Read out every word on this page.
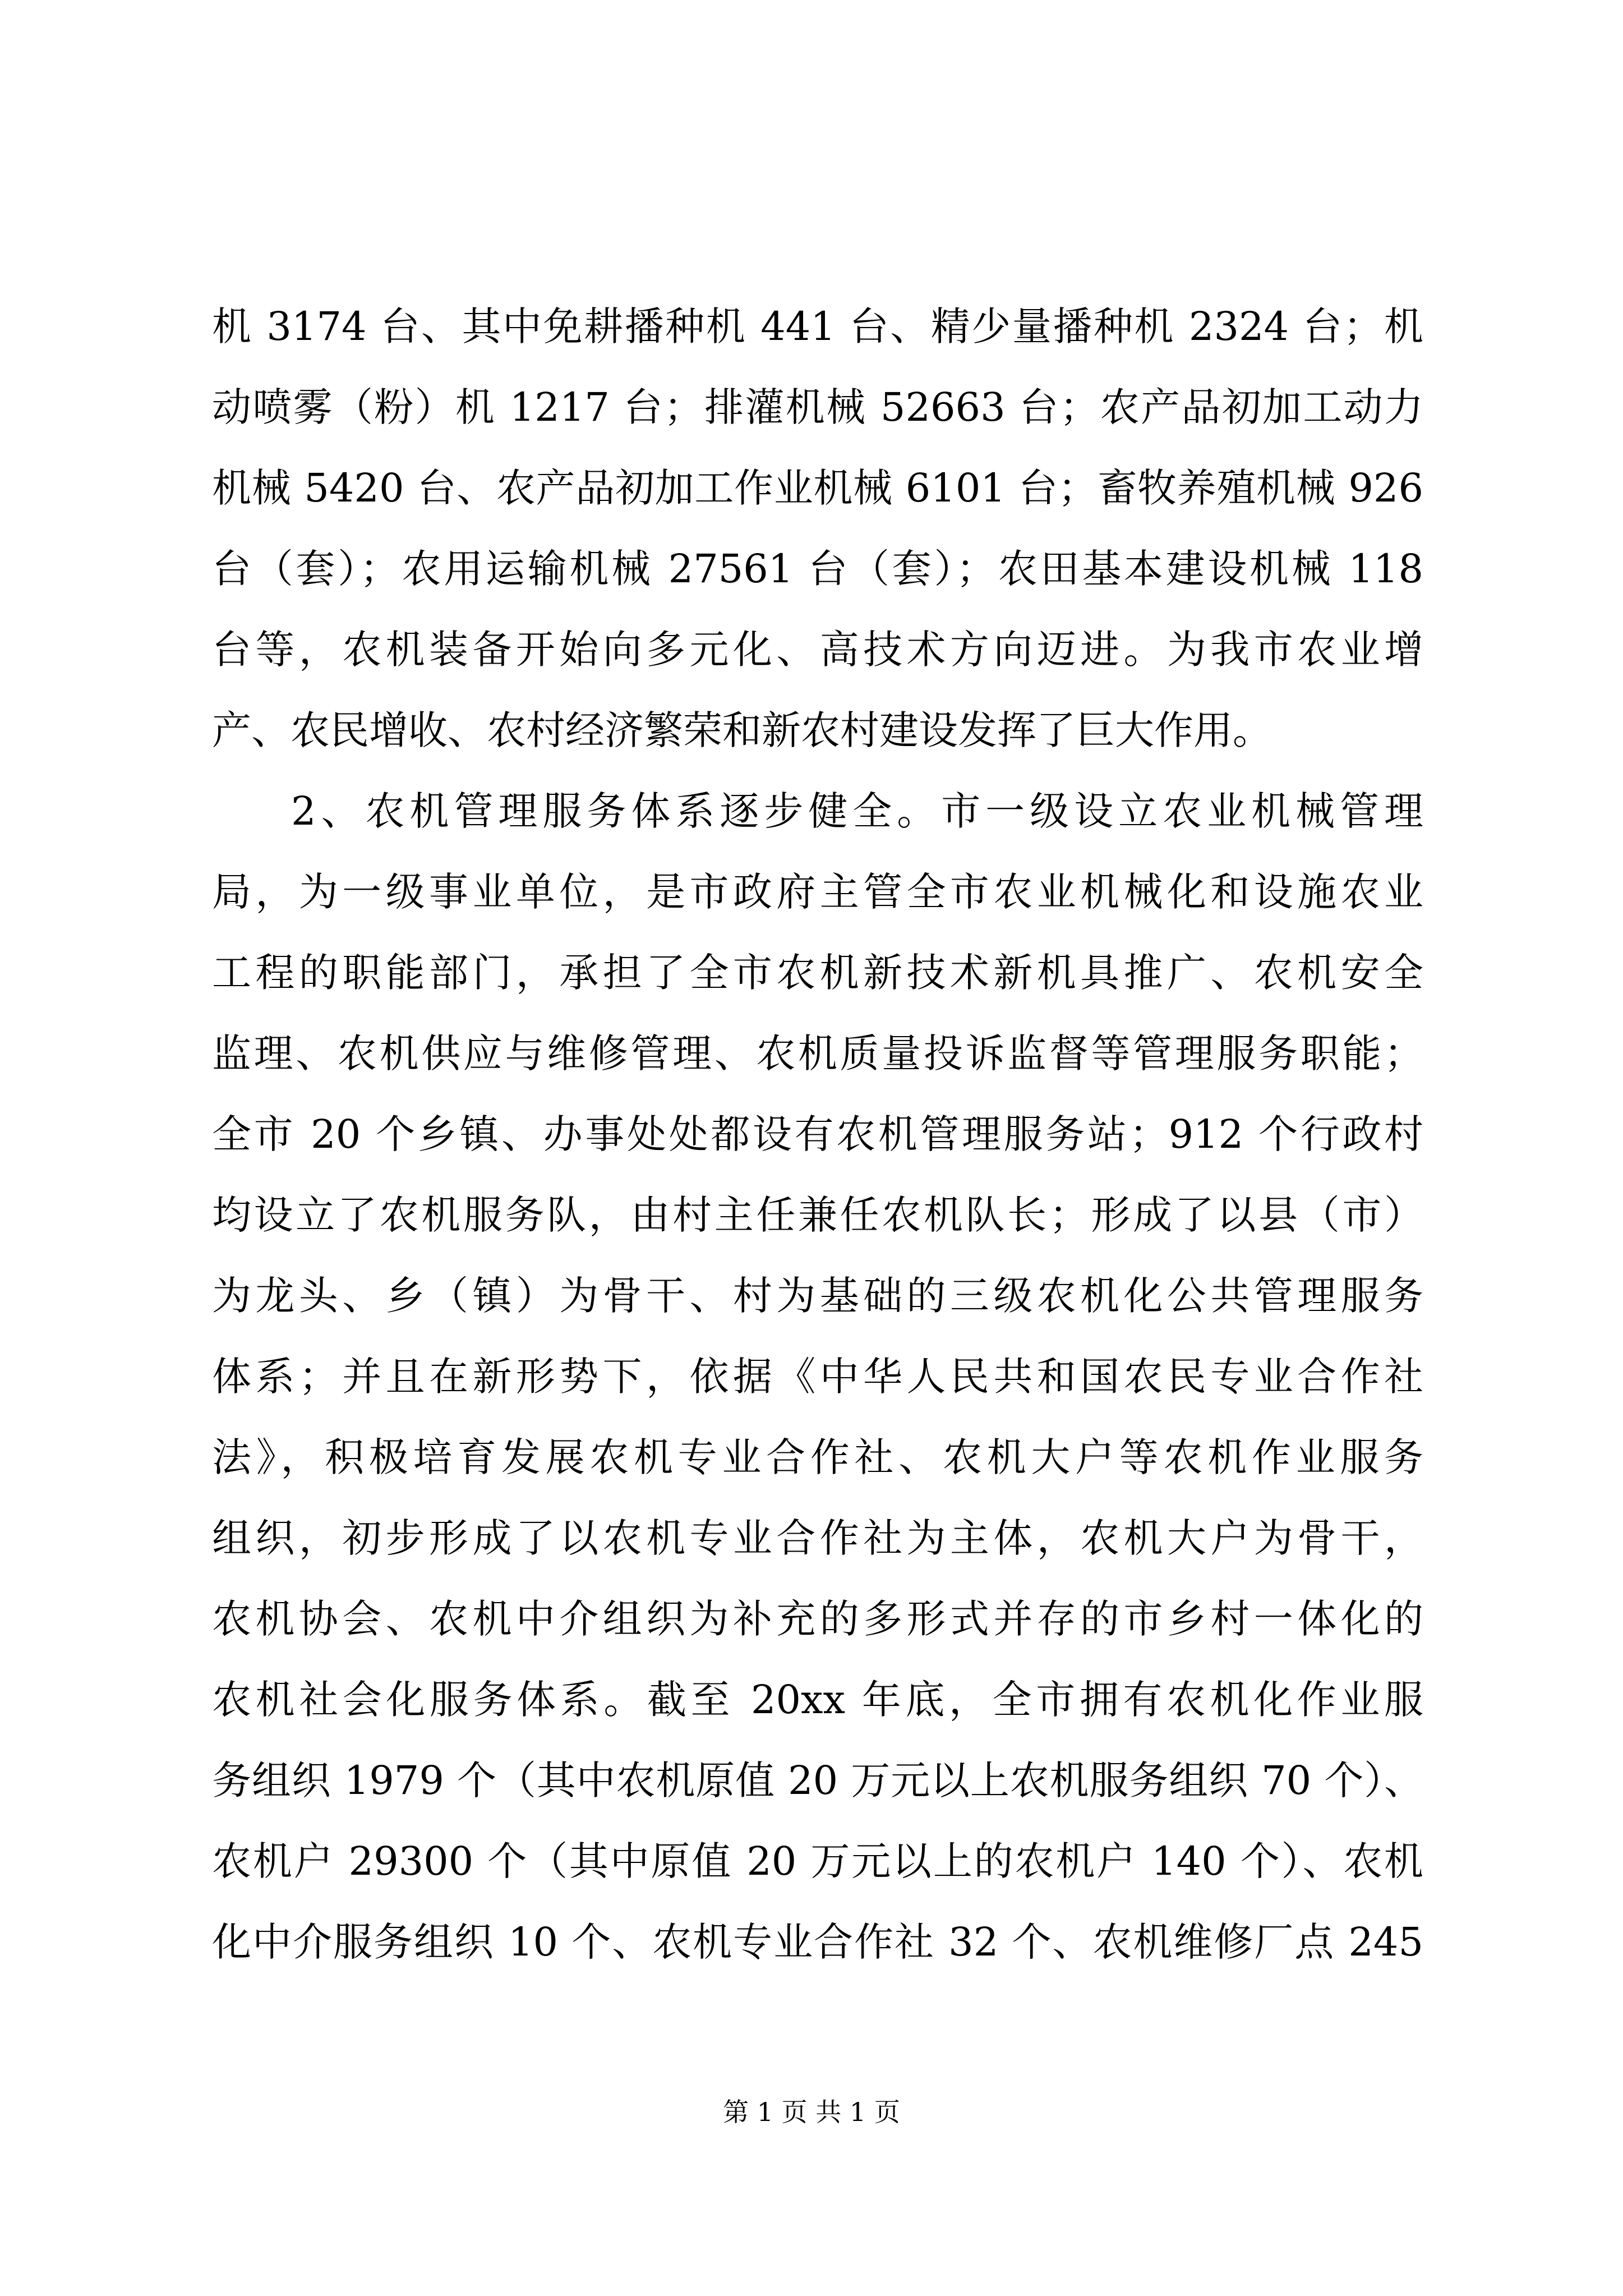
机 3174 台、其中免耕播种机 441 台、精少量播种机 2324 台；机
动喷雾（粉）机 1217 台；排灌机械 52663 台；农产品初加工动力
机械 5420 台、农产品初加工作业机械 6101 台；畜牧养殖机械 926
台（套）；农用运输机械 27561 台（套）；农田基本建设机械 118
台等，农机装备开始向多元化、高技术方向迈进。为我市农业增
产、农民增收、农村经济繁荣和新农村建设发挥了巨大作用。
2、农机管理服务体系逐步健全。市一级设立农业机械管理
局，为一级事业单位，是市政府主管全市农业机械化和设施农业
工程的职能部门，承担了全市农机新技术新机具推广、农机安全
监理、农机供应与维修管理、农机质量投诉监督等管理服务职能；
全市 20 个乡镇、办事处处都设有农机管理服务站；912 个行政村
均设立了农机服务队，由村主任兼任农机队长；形成了以县（市）
为龙头、乡（镇）为骨干、村为基础的三级农机化公共管理服务
体系；并且在新形势下，依据《中华人民共和国农民专业合作社
法》，积极培育发展农机专业合作社、农机大户等农机作业服务
组织，初步形成了以农机专业合作社为主体，农机大户为骨干，
农机协会、农机中介组织为补充的多形式并存的市乡村一体化的
农机社会化服务体系。截至 20xx 年底，全市拥有农机化作业服
务组织 1979 个（其中农机原值 20 万元以上农机服务组织 70 个）、
农机户 29300 个（其中原值 20 万元以上的农机户 140 个）、农机
化中介服务组织 10 个、农机专业合作社 32 个、农机维修厂点 245
第 1 页 共 1 页
